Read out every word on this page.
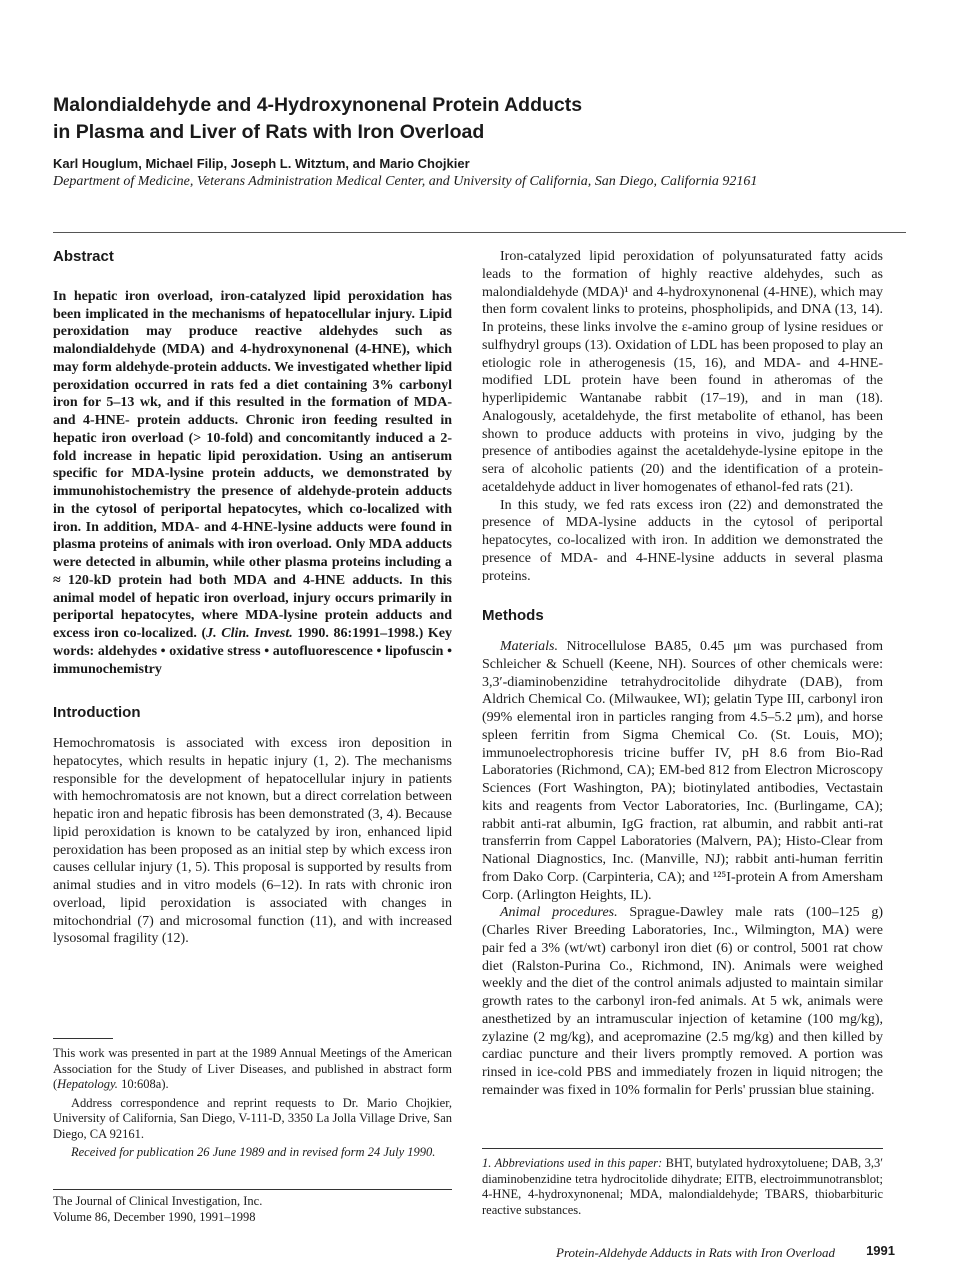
Malondialdehyde and 4-Hydroxynonenal Protein Adducts
in Plasma and Liver of Rats with Iron Overload
Karl Houglum, Michael Filip, Joseph L. Witztum, and Mario Chojkier
Department of Medicine, Veterans Administration Medical Center, and University of California, San Diego, California 92161
Abstract

In hepatic iron overload, iron-catalyzed lipid peroxidation has been implicated in the mechanisms of hepatocellular injury. Lipid peroxidation may produce reactive aldehydes such as malondialdehyde (MDA) and 4-hydroxynonenal (4-HNE), which may form aldehyde-protein adducts. We investigated whether lipid peroxidation occurred in rats fed a diet containing 3% carbonyl iron for 5–13 wk, and if this resulted in the formation of MDA- and 4-HNE- protein adducts. Chronic iron feeding resulted in hepatic iron overload (> 10-fold) and concomitantly induced a 2-fold increase in hepatic lipid peroxidation. Using an antiserum specific for MDA-lysine protein adducts, we demonstrated by immunohistochemistry the presence of aldehyde-protein adducts in the cytosol of periportal hepatocytes, which co-localized with iron. In addition, MDA- and 4-HNE-lysine adducts were found in plasma proteins of animals with iron overload. Only MDA adducts were detected in albumin, while other plasma proteins including a ≈ 120-kD protein had both MDA and 4-HNE adducts. In this animal model of hepatic iron overload, injury occurs primarily in periportal hepatocytes, where MDA-lysine protein adducts and excess iron co-localized. (J. Clin. Invest. 1990. 86:1991–1998.) Key words: aldehydes • oxidative stress • autofluorescence • lipofuscin • immunochemistry

Introduction

Hemochromatosis is associated with excess iron deposition in hepatocytes, which results in hepatic injury (1, 2). The mechanisms responsible for the development of hepatocellular injury in patients with hemochromatosis are not known, but a direct correlation between hepatic iron and hepatic fibrosis has been demonstrated (3, 4). Because lipid peroxidation is known to be catalyzed by iron, enhanced lipid peroxidation has been proposed as an initial step by which excess iron causes cellular injury (1, 5). This proposal is supported by results from animal studies and in vitro models (6–12). In rats with chronic iron overload, lipid peroxidation is associated with changes in mitochondrial (7) and microsomal function (11), and with increased lysosomal fragility (12).

This work was presented in part at the 1989 Annual Meetings of the American Association for the Study of Liver Diseases, and published in abstract form (Hepatology. 10:608a).

Address correspondence and reprint requests to Dr. Mario Chojkier, University of California, San Diego, V-111-D, 3350 La Jolla Village Drive, San Diego, CA 92161.

Received for publication 26 June 1989 and in revised form 24 July 1990.

The Journal of Clinical Investigation, Inc.
Volume 86, December 1990, 1991–1998

Iron-catalyzed lipid peroxidation of polyunsaturated fatty acids leads to the formation of highly reactive aldehydes, such as malondialdehyde (MDA)¹ and 4-hydroxynonenal (4-HNE), which may then form covalent links to proteins, phospholipids, and DNA (13, 14). In proteins, these links involve the ε-amino group of lysine residues or sulfhydryl groups (13). Oxidation of LDL has been proposed to play an etiologic role in atherogenesis (15, 16), and MDA- and 4-HNE-modified LDL protein have been found in atheromas of the hyperlipidemic Wantanabe rabbit (17–19), and in man (18). Analogously, acetaldehyde, the first metabolite of ethanol, has been shown to produce adducts with proteins in vivo, judging by the presence of antibodies against the acetaldehyde-lysine epitope in the sera of alcoholic patients (20) and the identification of a protein-acetaldehyde adduct in liver homogenates of ethanol-fed rats (21).

In this study, we fed rats excess iron (22) and demonstrated the presence of MDA-lysine adducts in the cytosol of periportal hepatocytes, co-localized with iron. In addition we demonstrated the presence of MDA- and 4-HNE-lysine adducts in several plasma proteins.

Methods

Materials. Nitrocellulose BA85, 0.45 μm was purchased from Schleicher & Schuell (Keene, NH). Sources of other chemicals were: 3,3′-diaminobenzidine tetrahydrocitolide dihydrate (DAB), from Aldrich Chemical Co. (Milwaukee, WI); gelatin Type III, carbonyl iron (99% elemental iron in particles ranging from 4.5–5.2 μm), and horse spleen ferritin from Sigma Chemical Co. (St. Louis, MO); immunoelectrophoresis tricine buffer IV, pH 8.6 from Bio-Rad Laboratories (Richmond, CA); EM-bed 812 from Electron Microscopy Sciences (Fort Washington, PA); biotinylated antibodies, Vectastain kits and reagents from Vector Laboratories, Inc. (Burlingame, CA); rabbit anti-rat albumin, IgG fraction, rat albumin, and rabbit anti-rat transferrin from Cappel Laboratories (Malvern, PA); Histo-Clear from National Diagnostics, Inc. (Manville, NJ); rabbit anti-human ferritin from Dako Corp. (Carpinteria, CA); and ¹²⁵I-protein A from Amersham Corp. (Arlington Heights, IL).

Animal procedures. Sprague-Dawley male rats (100–125 g) (Charles River Breeding Laboratories, Inc., Wilmington, MA) were pair fed a 3% (wt/wt) carbonyl iron diet (6) or control, 5001 rat chow diet (Ralston-Purina Co., Richmond, IN). Animals were weighed weekly and the diet of the control animals adjusted to maintain similar growth rates to the carbonyl iron-fed animals. At 5 wk, animals were anesthetized by an intramuscular injection of ketamine (100 mg/kg), zylazine (2 mg/kg), and acepromazine (2.5 mg/kg) and then killed by cardiac puncture and their livers promptly removed. A portion was rinsed in ice-cold PBS and immediately frozen in liquid nitrogen; the remainder was fixed in 10% formalin for Perls' prussian blue staining.

1. Abbreviations used in this paper: BHT, butylated hydroxytoluene; DAB, 3,3′ diaminobenzidine tetra hydrocitolide dihydrate; EITB, electroimmunotransblot; 4-HNE, 4-hydroxynonenal; MDA, malondialdehyde; TBARS, thiobarbituric reactive substances.
Protein-Aldehyde Adducts in Rats with Iron Overload	1991
